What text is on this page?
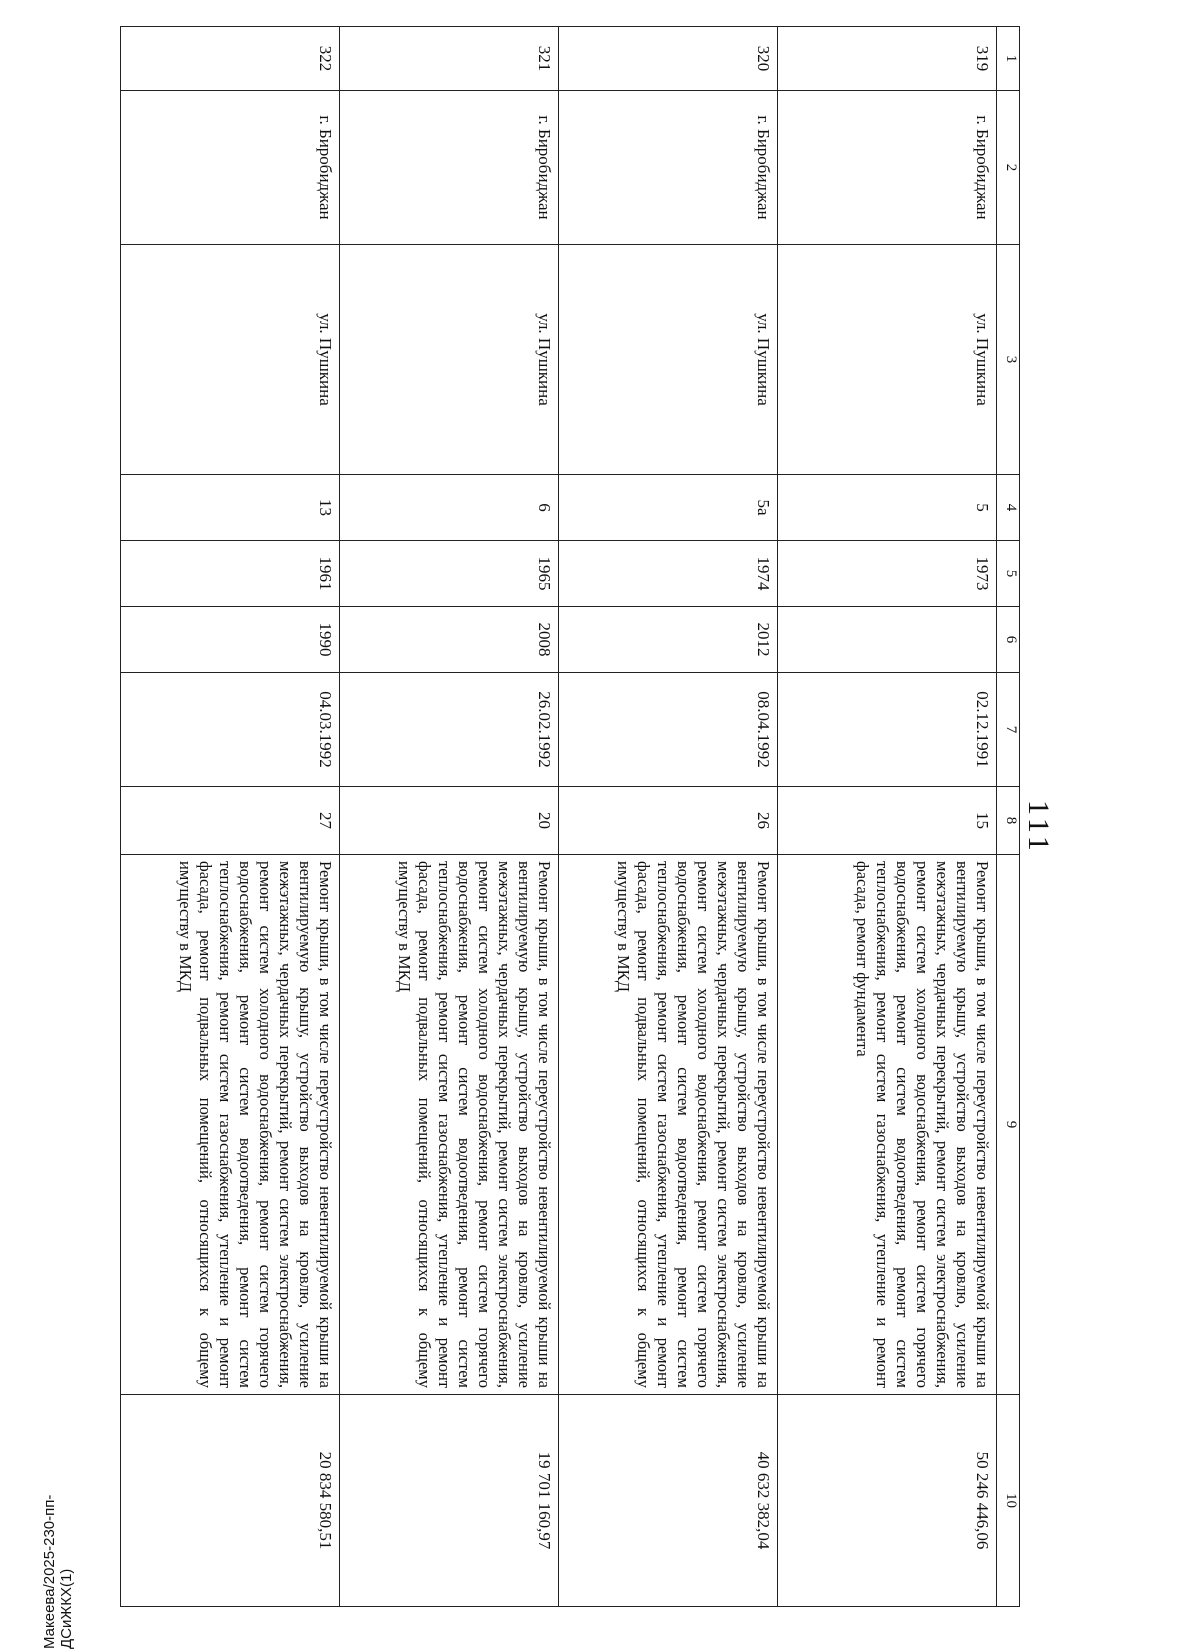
111
1	2	3	4	5	6	7	8	9	10
319	г. Биробиджан	ул. Пушкина	5	1973		02.12.1991	15	Ремонт крыши, в том числе переустройство невентилируемой крыши на вентилируемую крышу, устройство выходов на кровлю, усиление межэтажных, чердачных перекрытий, ремонт систем электроснабжения, ремонт систем холодного водоснабжения, ремонт систем горячего водоснабжения, ремонт систем водоотведения, ремонт систем теплоснабжения, ремонт систем газоснабжения, утепление и ремонт фасада, ремонт фундамента	50 246 446,06
320	г. Биробиджан	ул. Пушкина	5а	1974	2012	08.04.1992	26	Ремонт крыши, в том числе переустройство невентилируемой крыши на вентилируемую крышу, устройство выходов на кровлю, усиление межэтажных, чердачных перекрытий, ремонт систем электроснабжения, ремонт систем холодного водоснабжения, ремонт систем горячего водоснабжения, ремонт систем водоотведения, ремонт систем теплоснабжения, ремонт систем газоснабжения, утепление и ремонт фасада, ремонт подвальных помещений, относящихся к общему имуществу в МКД	40 632 382,04
321	г. Биробиджан	ул. Пушкина	6	1965	2008	26.02.1992	20	Ремонт крыши, в том числе переустройство невентилируемой крыши на вентилируемую крышу, устройство выходов на кровлю, усиление межэтажных, чердачных перекрытий, ремонт систем электроснабжения, ремонт систем холодного водоснабжения, ремонт систем горячего водоснабжения, ремонт систем водоотведения, ремонт систем теплоснабжения, ремонт систем газоснабжения, утепление и ремонт фасада, ремонт подвальных помещений, относящихся к общему имуществу в МКД	19 701 160,97
322	г. Биробиджан	ул. Пушкина	13	1961	1990	04.03.1992	27	Ремонт крыши, в том числе переустройство невентилируемой крыши на вентилируемую крышу, устройство выходов на кровлю, усиление межэтажных, чердачных перекрытий, ремонт систем электроснабжения, ремонт систем холодного водоснабжения, ремонт систем горячего водоснабжения, ремонт систем водоотведения, ремонт систем теплоснабжения, ремонт систем газоснабжения, утепление и ремонт фасада, ремонт подвальных помещений, относящихся к общему имуществу в МКД	20 834 580,51
Макеева/2025-230-пп-ДСиЖКХ(1)
